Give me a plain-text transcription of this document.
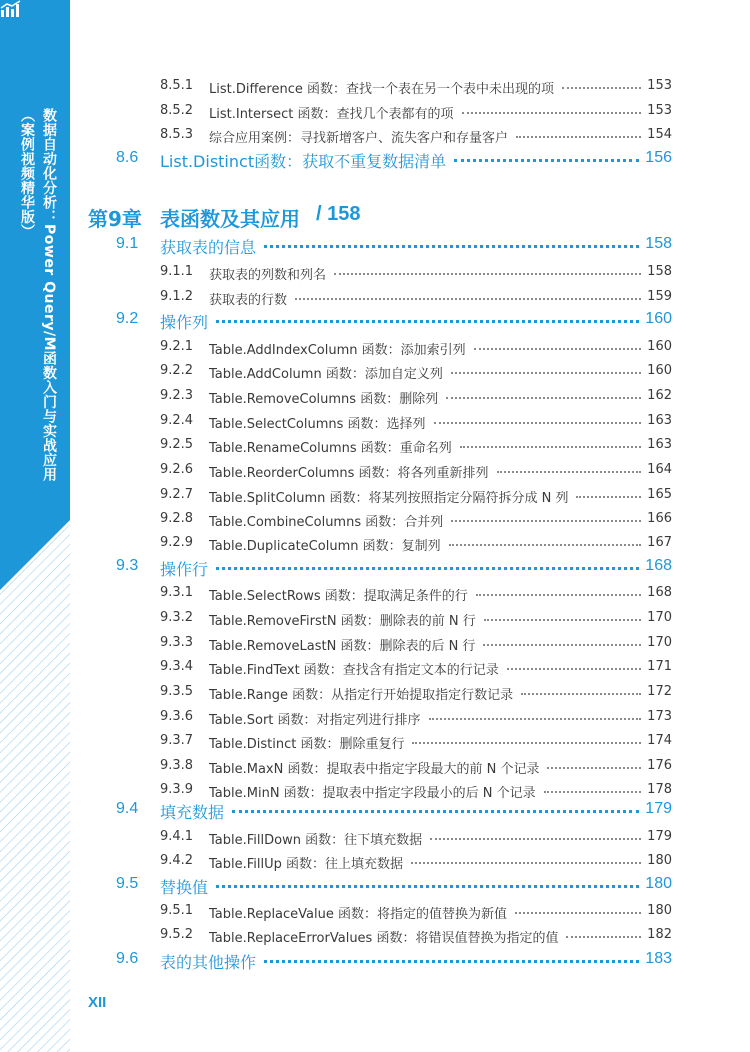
数据自动化分析：Power Query/M函数入门与实战应用（案例视频精华版）	第9章 表函数及其应用 / 158
8.5.1 List.Difference 函数：查找一个表在另一个表中未出现的项	153
8.5.2 List.Intersect 函数：查找几个表都有的项	153
8.5.3 综合应用案例：寻找新增客户、流失客户和存量客户	154
8.6 List.Distinct函数：获取不重复数据清单	156
9.1 获取表的信息	158
9.1.1 获取表的列数和列名	158
9.1.2 获取表的行数	159
9.2 操作列	160
9.2.1 Table.AddIndexColumn 函数：添加索引列	160
9.2.2 Table.AddColumn 函数：添加自定义列	160
9.2.3 Table.RemoveColumns 函数：删除列	162
9.2.4 Table.SelectColumns 函数：选择列	163
9.2.5 Table.RenameColumns 函数：重命名列	163
9.2.6 Table.ReorderColumns 函数：将各列重新排列	164
9.2.7 Table.SplitColumn 函数：将某列按照指定分隔符拆分成 N 列	165
9.2.8 Table.CombineColumns 函数：合并列	166
9.2.9 Table.DuplicateColumn 函数：复制列	167
9.3 操作行	168
9.3.1 Table.SelectRows 函数：提取满足条件的行	168
9.3.2 Table.RemoveFirstN 函数：删除表的前 N 行	170
9.3.3 Table.RemoveLastN 函数：删除表的后 N 行	170
9.3.4 Table.FindText 函数：查找含有指定文本的行记录	171
9.3.5 Table.Range 函数：从指定行开始提取指定行数记录	172
9.3.6 Table.Sort 函数：对指定列进行排序	173
9.3.7 Table.Distinct 函数：删除重复行	174
9.3.8 Table.MaxN 函数：提取表中指定字段最大的前 N 个记录	176
9.3.9 Table.MinN 函数：提取表中指定字段最小的后 N 个记录	178
9.4 填充数据	179
9.4.1 Table.FillDown 函数：往下填充数据	179
9.4.2 Table.FillUp 函数：往上填充数据	180
9.5 替换值	180
9.5.1 Table.ReplaceValue 函数：将指定的值替换为新值	180
9.5.2 Table.ReplaceErrorValues 函数：将错误值替换为指定的值	182
9.6 表的其他操作	183
XII
